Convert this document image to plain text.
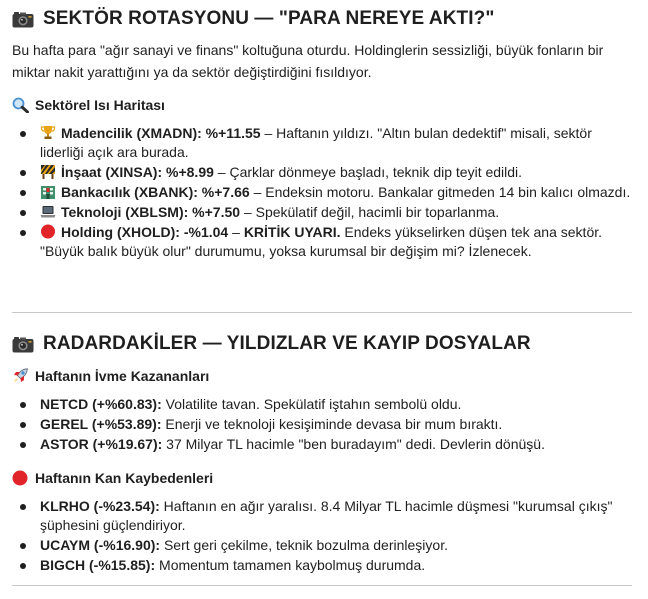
SEKTÖR ROTASYONU — "PARA NEREYE AKTI?"

Bu hafta para "ağır sanayi ve finans" koltuğuna oturdu. Holdinglerin sessizliği, büyük fonların bir miktar nakit yarattığını ya da sektör değiştirdiğini fısıldıyor.

Sektörel Isı Haritası
Madencilik (XMADN): %+11.55 – Haftanın yıldızı. "Altın bulan dedektif" misali, sektör liderliği açık ara burada.
İnşaat (XINSA): %+8.99 – Çarklar dönmeye başladı, teknik dip teyit edildi.
Bankacılık (XBANK): %+7.66 – Endeksin motoru. Bankalar gitmeden 14 bin kalıcı olmazdı.
Teknoloji (XBLSM): %+7.50 – Spekülatif değil, hacimli bir toparlanma.
Holding (XHOLD): -%1.04 – KRİTİK UYARI. Endeks yükselirken düşen tek ana sektör. "Büyük balık büyük olur" durumumu, yoksa kurumsal bir değişim mi? İzlenecek.
RADARDAKİLER — YILDIZLAR VE KAYIP DOSYALAR
Haftanın İvme Kazananları
NETCD (+%60.83): Volatilite tavan. Spekülatif iştahın sembolü oldu.
GEREL (+%53.89): Enerji ve teknoloji kesişiminde devasa bir mum bıraktı.
ASTOR (+%19.67): 37 Milyar TL hacimle "ben buradayım" dedi. Devlerin dönüşü.
Haftanın Kan Kaybedenleri
KLRHO (-%23.54): Haftanın en ağır yaralısı. 8.4 Milyar TL hacimle düşmesi "kurumsal çıkış" şüphesini güçlendiriyor.
UCAYM (-%16.90): Sert geri çekilme, teknik bozulma derinleşiyor.
BIGCH (-%15.85): Momentum tamamen kaybolmuş durumda.
